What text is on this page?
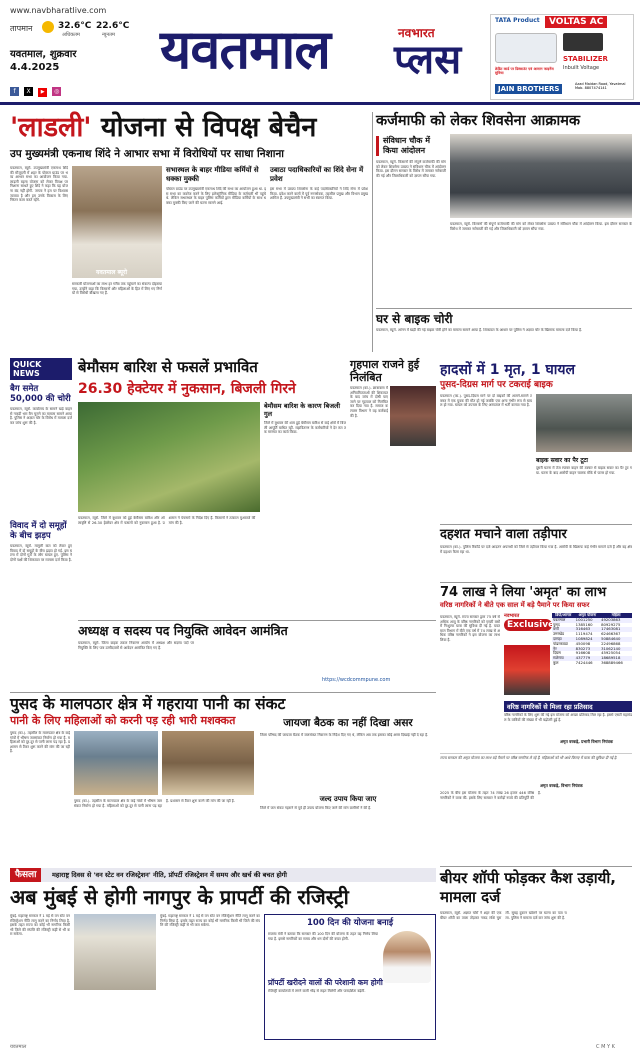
www.navbharatlive.com
तापमान	32.6°C
अधिकतम
22.6°C
न्यूनतम
यवतमाल, शुक्रवार
4.4.2025
f X ▶ ◎
यवतमाल	नवभारत
प्लस
TATA Product	VOLTAS AC
STABILIZER
Inbuilt Voltage
क्रेडिट कार्ड पर डिस्काउंट एवं आसान फाइनेंस सुविधा
JAIN BROTHERS
Azad Maidan Road, Yavatmal Mob. 8807474141
'लाडली' योजना से विपक्ष बेचैन
उप मुख्यमंत्री एकनाथ शिंदे ने आभार सभा में विरोधियों पर साधा निशाना
यवतमाल, ब्यूरो. उपमुख्यमंत्री एकनाथ शिंदे की मौजूदगी में शहर के पोस्टल ग्राउंड पर भव्य आभार सभा का आयोजन किया गया. लाड़ली बहना योजना को लेकर विपक्ष पर निशाना साधते हुए शिंदे ने कहा कि यह योजना बंद नहीं होगी. जनता ने हम पर विश्वास जताया है और हम उनके विकास के लिए निरंतर काम करते रहेंगे.
यवतमाल ब्यूरो
सरकारी योजनाओं का लाभ हर गरीब तक पहुंचाने का संकल्प दोहराया गया. उन्होंने कहा कि किसानों और महिलाओं के हित में लिए गए निर्णयों से विरोधी बौखला गए हैं.
सभास्थल के बाहर मीडिया कर्मियों से धक्का मुक्की
पोस्टल ग्राउंड पर उपमुख्यमंत्री एकनाथ शिंदे की सभा का आयोजन हुआ था. इस सभा का कवरेज करने के लिए इलेक्ट्रॉनिक मीडिया के कर्मचारी भी पहुंचे थे. लेकिन सभास्थल के बाहर पुलिस कर्मियों द्वारा मीडिया कर्मियों के साथ धक्का मुक्की किए जाने की घटना सामने आई.
उबाठा पदाधिकारियों का शिंदे सेना में प्रवेश
इस सभा में उबाठा शिवसेना के कई पदाधिकारियों ने शिंदे सेना में प्रवेश किया. प्रवेश करने वालों में पूर्व नगरसेवक, तहसील प्रमुख और विभाग प्रमुख शामिल हैं. उपमुख्यमंत्री ने सभी का स्वागत किया.
कर्जमाफी को लेकर शिवसेना आक्रामक
संविधान चौक में किया आंदोलन
यवतमाल, ब्यूरो. किसानों की संपूर्ण कर्जमाफी की मांग को लेकर शिवसेना उबाठा ने संविधान चौक में आंदोलन किया. इस दौरान सरकार के विरोध में जमकर नारेबाजी की गई और जिलाधिकारी को ज्ञापन सौंपा गया.
यवतमाल, ब्यूरो. किसानों की संपूर्ण कर्जमाफी की मांग को लेकर शिवसेना उबाठा ने संविधान चौक में आंदोलन किया. इस दौरान सरकार के विरोध में जमकर नारेबाजी की गई और जिलाधिकारी को ज्ञापन सौंपा गया.
QUICK NEWS
बैग समेत 50,000 की चोरी
यवतमाल, ब्यूरो. कार्यालय के सामने खड़े वाहन से नकदी भरा बैग चुराने का मामला सामने आया है. पुलिस ने अज्ञात चोर के विरोध में मामला दर्ज कर जांच शुरू की है.
विवाद में दो समूहों के बीच झड़प
यवतमाल, ब्यूरो. मामूली बात को लेकर हुए विवाद में दो समूहों के बीच झड़प हो गई. इस घटना में दोनों गुटों के लोग घायल हुए. पुलिस ने दोनों पक्षों की शिकायत पर मामला दर्ज किया है.
बेमौसम बारिश से फसलें प्रभावित
26.30 हेक्टेयर में नुकसान, बिजली गिरने
बेमौसम बारिश के कारण बिजली गुल
जिले में बुधवार की शाम हुई बेमौसम बारिश से कई क्षेत्रों में बिजली आपूर्ति बाधित रही. महावितरण के कर्मचारियों ने देर रात तक मरम्मत का कार्य किया.
यवतमाल, ब्यूरो. जिले में बुधवार को हुई बेमौसम बारिश और ओलावृष्टि से 26.30 हेक्टेयर क्षेत्र में फसलों को नुकसान हुआ है. प्रशासन ने पंचनामे के निर्देश दिए हैं. किसानों ने तत्काल मुआवजे की मांग की है.
गृहपाल राजने हुई निलंबित
यवतमाल (का.). छात्रावास में अनियमितताओं की शिकायत के बाद जांच में दोषी पाए जाने पर गृहपाल को निलंबित कर दिया गया है. समाज कल्याण विभाग ने यह कार्रवाई की है.
घर से बाइक चोरी
यवतमाल, ब्यूरो. आंगन में खड़ी की गई बाइक चोरी होने का मामला सामने आया है. शिकायत के आधार पर पुलिस ने अज्ञात चोर के खिलाफ मामला दर्ज किया है.
हादसों में 1 मृत, 1 घायल
पुसद-दिग्रस मार्ग पर टकराई बाइक
यवतमाल (का.). पुसद-दिग्रस मार्ग पर दो बाइकों की आमने-सामने टक्कर में एक युवक की मौत हो गई जबकि एक अन्य गंभीर रूप से घायल हो गया. घायल को उपचार के लिए अस्पताल में भर्ती कराया गया है.
बाइक सवार का पैर टूटा
दूसरी घटना में तेज रफ्तार वाहन की टक्कर से बाइक सवार का पैर टूट गया. घटना के बाद आरोपी वाहन चालक मौके से फरार हो गया.
दहशत मचाने वाला तड़ीपार
यवतमाल (का.). पुलिस रिकॉर्ड पर दर्ज आदतन अपराधी को जिले से तड़ीपार किया गया है. आरोपी के खिलाफ कई गंभीर मामले दर्ज हैं और वह क्षेत्र में दहशत फैला रहा था.
अध्यक्ष व सदस्य पद नियुक्ति आवेदन आमंत्रित
यवतमाल, ब्यूरो. जिला ग्राहक तक्रार निवारण आयोग में अध्यक्ष और सदस्य पदों पर नियुक्ति के लिए पात्र उम्मीदवारों से आवेदन आमंत्रित किए गए हैं.
https://wcdcommpune.com
74 लाख ने लिया 'अमृत' का लाभ
वरिष्ठ नागरिकों ने बीते एक साल में बड़े पैमाने पर किया सफर
यवतमाल, ब्यूरो. राज्य सरकार द्वारा 75 वर्ष से अधिक आयु के वरिष्ठ नागरिकों को एसटी बसों में निःशुल्क यात्रा की सुविधा दी गई है. यवतमाल विभाग में बीते एक वर्ष में 74 लाख से अधिक वरिष्ठ नागरिकों ने इस योजना का लाभ लिया है.
नवभारत
Exclusive
डिपो/आगार	अमृत योजना	महिला
यवतमाल	1001250	49203863
पुसद	1385160	80929275
वणी	316463	17463081
उमरखेड	1119474	62466367
दारव्हा	1089824	50884640
पांढरकवडा	450098	22496868
नेर	830273	31062140
दिग्रस	916608	45925054
राळेगाव	437779	18689518
कुल	7424446	368889466
वरिष्ठ नागरिकों से मिला रहा प्रतिसाद
वरिष्ठ नागरिकों के लिए शुरू की गई इस योजना को अच्छा प्रतिसाद मिल रहा है. इससे एसटी महामंडल के यात्रियों की संख्या में भी बढ़ोतरी हुई है.
अमृत वरकड़े, प्रभारी विभाग नियंत्रक
राज्य सरकार की अमृत योजना का लाभ बड़े पैमाने पर वरिष्ठ नागरिक ले रहे हैं. महिलाओं को भी आधे किराए में यात्रा की सुविधा दी गई है.
अमृत वरकड़े, विभाग नियंत्रक
2025 के बीच इस योजना के तहत 74 लाख 26 हजार 446 वरिष्ठ नागरिकों ने यात्रा की. इसके लिए सरकार ने करोड़ों रुपये की प्रतिपूर्ति की है.
पुसद के मालपठार क्षेत्र में गहराया पानी का संकट
पानी के लिए महिलाओं को करनी पड़ रही भारी मशक्कत
पुसद (का.). तहसील के मालपठार क्षेत्र के कई गांवों में भीषण जलसंकट निर्माण हो गया है. महिलाओं को दूर-दूर से पानी लाना पड़ रहा है. प्रशासन से टैंकर शुरू करने की मांग की जा रही है.
पुसद (का.). तहसील के मालपठार क्षेत्र के कई गांवों में भीषण जलसंकट निर्माण हो गया है. महिलाओं को दूर-दूर से पानी लाना पड़ रहा है. प्रशासन से टैंकर शुरू करने की मांग की जा रही है.
जायजा बैठक का नहीं दिखा असर
जिला परिषद की जायजा बैठक में जलसंकट निवारण के निर्देश दिए गए थे, लेकिन अब तक इसका कोई असर दिखाई नहीं दे रहा है.
जल्द उपाय किया जाए
जिले में जल संकट गहराने से पूर्व ही उपाय योजना किए जाने की मांग ग्रामीणों ने की है.
फैसला	महाराष्ट्र दिवस से 'वन स्टेट वन रजिस्ट्रेशन' नीति, प्रॉपर्टी रजिस्ट्रेशन में समय और खर्च की बचत होगी
अब मुंबई से होगी नागपुर के प्रापर्टी की रजिस्ट्री
मुंबई. महाराष्ट्र सरकार ने 1 मई से वन स्टेट वन रजिस्ट्रेशन नीति लागू करने का निर्णय लिया है. इसके तहत राज्य का कोई भी नागरिक किसी भी जिले की संपत्ति की रजिस्ट्री कहीं से भी करा सकेगा.
मुंबई. महाराष्ट्र सरकार ने 1 मई से वन स्टेट वन रजिस्ट्रेशन नीति लागू करने का निर्णय लिया है. इसके तहत राज्य का कोई भी नागरिक किसी भी जिले की संपत्ति की रजिस्ट्री कहीं से भी करा सकेगा.	100 दिन की योजना बनाई
राजस्व मंत्री ने बताया कि सरकार की 100 दिन की योजना के तहत यह निर्णय लिया गया है. इससे नागरिकों का समय और धन दोनों की बचत होगी.
प्रॉपर्टी खरीदने वालों की परेशानी कम होगी
रजिस्ट्री कार्यालयों में लगने वाली भीड़ से राहत मिलेगी और पारदर्शिता बढ़ेगी.
बीयर शॉपी फोड़कर कैश उड़ायी, मामला दर्ज
यवतमाल, ब्यूरो. अज्ञात चोरों ने शहर की एक बीयर शॉपी का ताला तोड़कर नकद राशि चुरा ली. सुबह दुकान खोलने पर घटना का पता चला. पुलिस ने मामला दर्ज कर जांच शुरू की है.
यवतमाल	C M Y K
